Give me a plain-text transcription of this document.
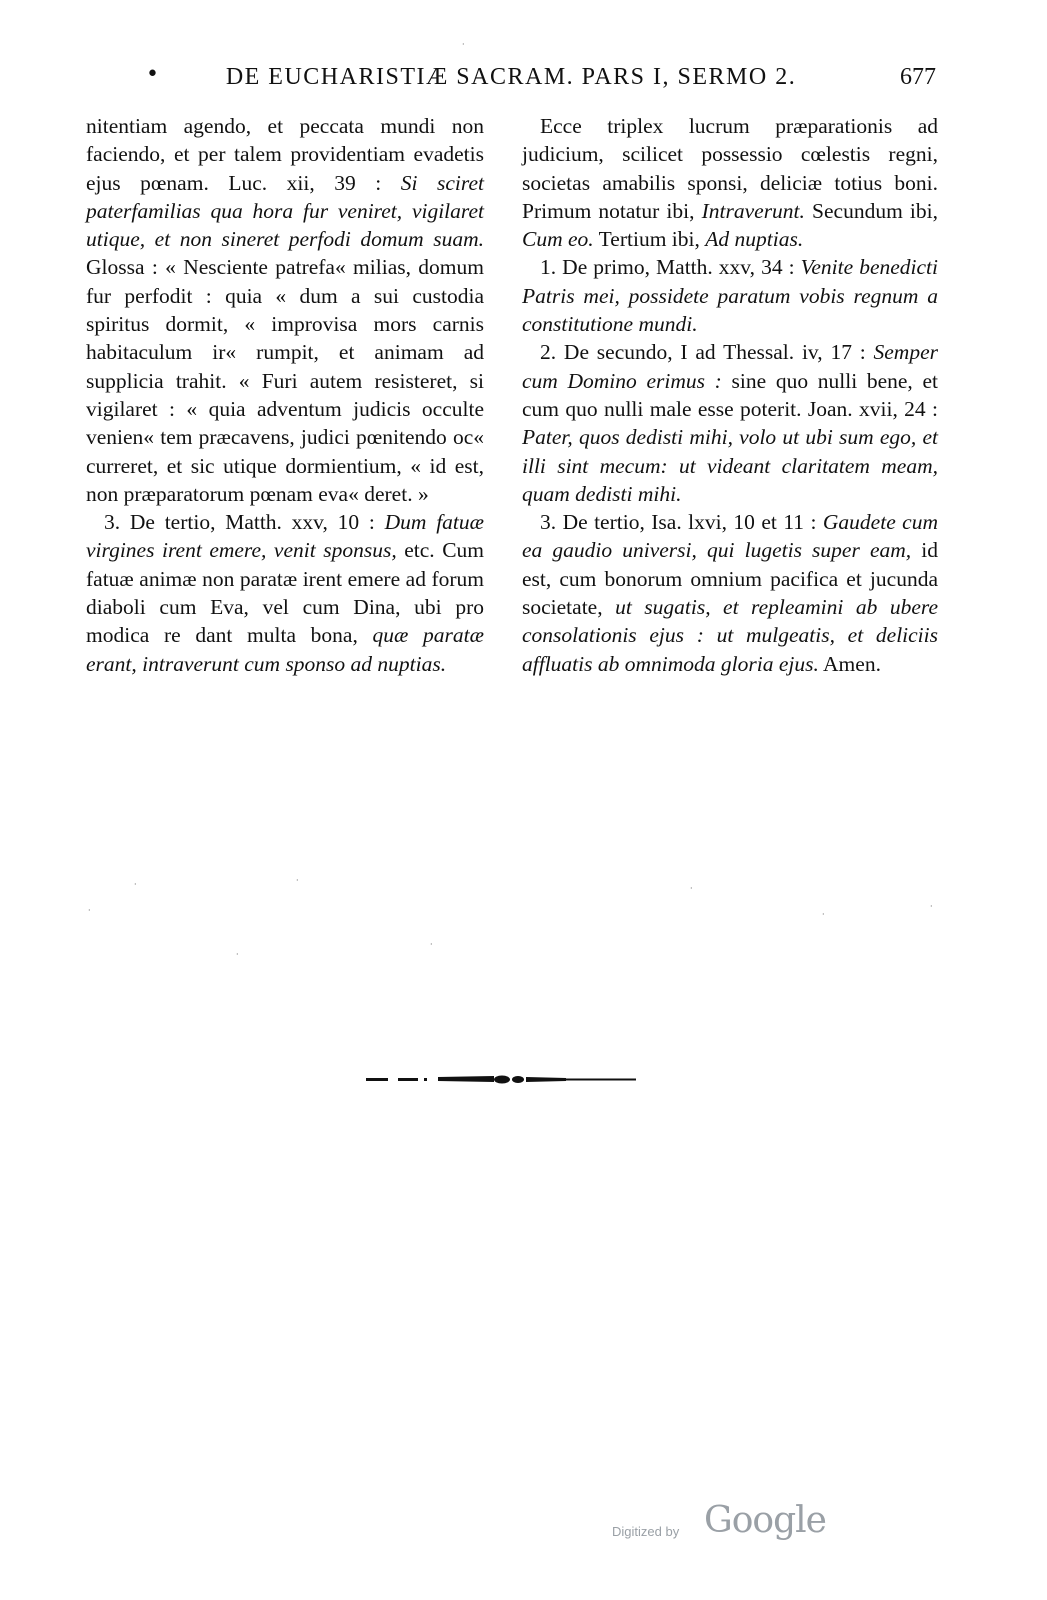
•	DE EUCHARISTIÆ SACRAM. PARS I, SERMO 2.	677

nitentiam agendo, et peccata mundi non faciendo, et per talem providentiam evadetis ejus pœnam. Luc. xii, 39 : Si sciret paterfamilias qua hora fur veniret, vigilaret utique, et non sineret perfodi domum suam. Glossa : « Nesciente patrefa« milias, domum fur perfodit : quia « dum a sui custodia spiritus dormit, « improvisa mors carnis habitaculum ir« rumpit, et animam ad supplicia trahit. « Furi autem resisteret, si vigilaret : « quia adventum judicis occulte venien« tem præcavens, judici pœnitendo oc« curreret, et sic utique dormientium, « id est, non præparatorum pœnam eva« deret. »

3. De tertio, Matth. xxv, 10 : Dum fatuæ virgines irent emere, venit sponsus, etc. Cum fatuæ animæ non paratæ irent emere ad forum diaboli cum Eva, vel cum Dina, ubi pro modica re dant multa bona, quæ paratæ erant, intraverunt cum sponso ad nuptias.

Ecce triplex lucrum præparationis ad judicium, scilicet possessio cœlestis regni, societas amabilis sponsi, deliciæ totius boni. Primum notatur ibi, Intraverunt. Secundum ibi, Cum eo. Tertium ibi, Ad nuptias.

1. De primo, Matth. xxv, 34 : Venite benedicti Patris mei, possidete paratum vobis regnum a constitutione mundi.

2. De secundo, I ad Thessal. iv, 17 : Semper cum Domino erimus : sine quo nulli bene, et cum quo nulli male esse poterit. Joan. xvii, 24 : Pater, quos dedisti mihi, volo ut ubi sum ego, et illi sint mecum: ut videant claritatem meam, quam dedisti mihi.

3. De tertio, Isa. lxvi, 10 et 11 : Gaudete cum ea gaudio universi, qui lugetis super eam, id est, cum bonorum omnium pacifica et jucunda societate, ut sugatis, et repleamini ab ubere consolationis ejus : ut mulgeatis, et deliciis affluatis ab omnimoda gloria ejus. Amen.

·	·
·
·
·
·
·
·
·
Digitized by Google
